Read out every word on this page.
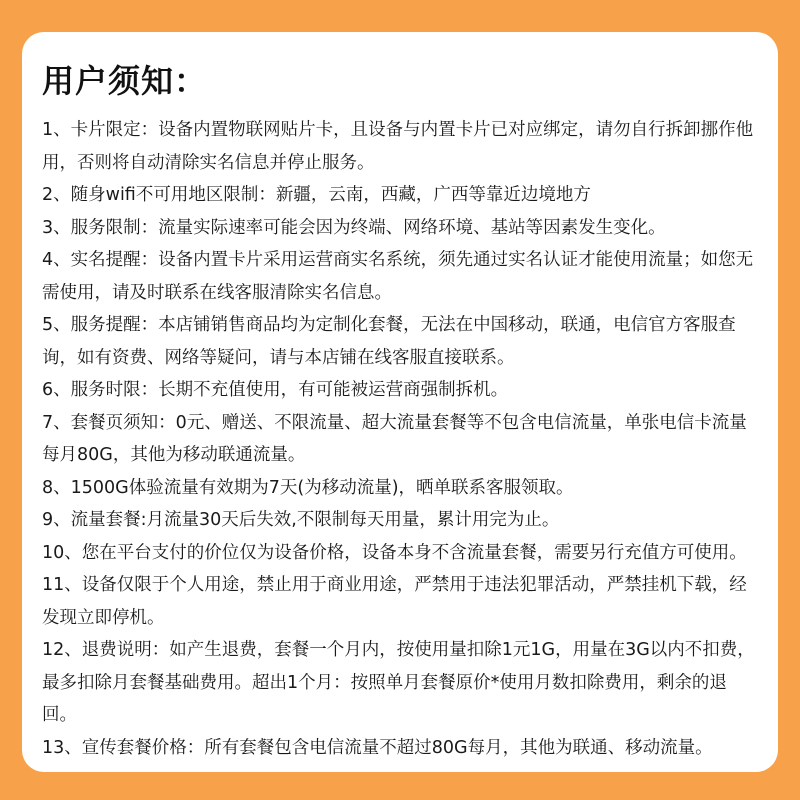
用户须知：

1、卡片限定：设备内置物联网贴片卡，且设备与内置卡片已对应绑定，请勿自行拆卸挪作他用，否则将自动清除实名信息并停止服务。

2、随身wifi不可用地区限制：新疆，云南，西藏，广西等靠近边境地方

3、服务限制：流量实际速率可能会因为终端、网络环境、基站等因素发生变化。

4、实名提醒：设备内置卡片采用运营商实名系统，须先通过实名认证才能使用流量；如您无需使用，请及时联系在线客服清除实名信息。

5、服务提醒：本店铺销售商品均为定制化套餐，无法在中国移动，联通，电信官方客服查询，如有资费、网络等疑问，请与本店铺在线客服直接联系。

6、服务时限：长期不充值使用，有可能被运营商强制拆机。

7、套餐页须知：0元、赠送、不限流量、超大流量套餐等不包含电信流量，单张电信卡流量每月80G，其他为移动联通流量。

8、1500G体验流量有效期为7天(为移动流量)，晒单联系客服领取。

9、流量套餐:月流量30天后失效,不限制每天用量，累计用完为止。

10、您在平台支付的价位仅为设备价格，设备本身不含流量套餐，需要另行充值方可使用。

11、设备仅限于个人用途，禁止用于商业用途，严禁用于违法犯罪活动，严禁挂机下载，经发现立即停机。

12、退费说明：如产生退费，套餐一个月内，按使用量扣除1元1G，用量在3G以内不扣费，最多扣除月套餐基础费用。超出1个月：按照单月套餐原价*使用月数扣除费用，剩余的退回。

13、宣传套餐价格：所有套餐包含电信流量不超过80G每月，其他为联通、移动流量。
